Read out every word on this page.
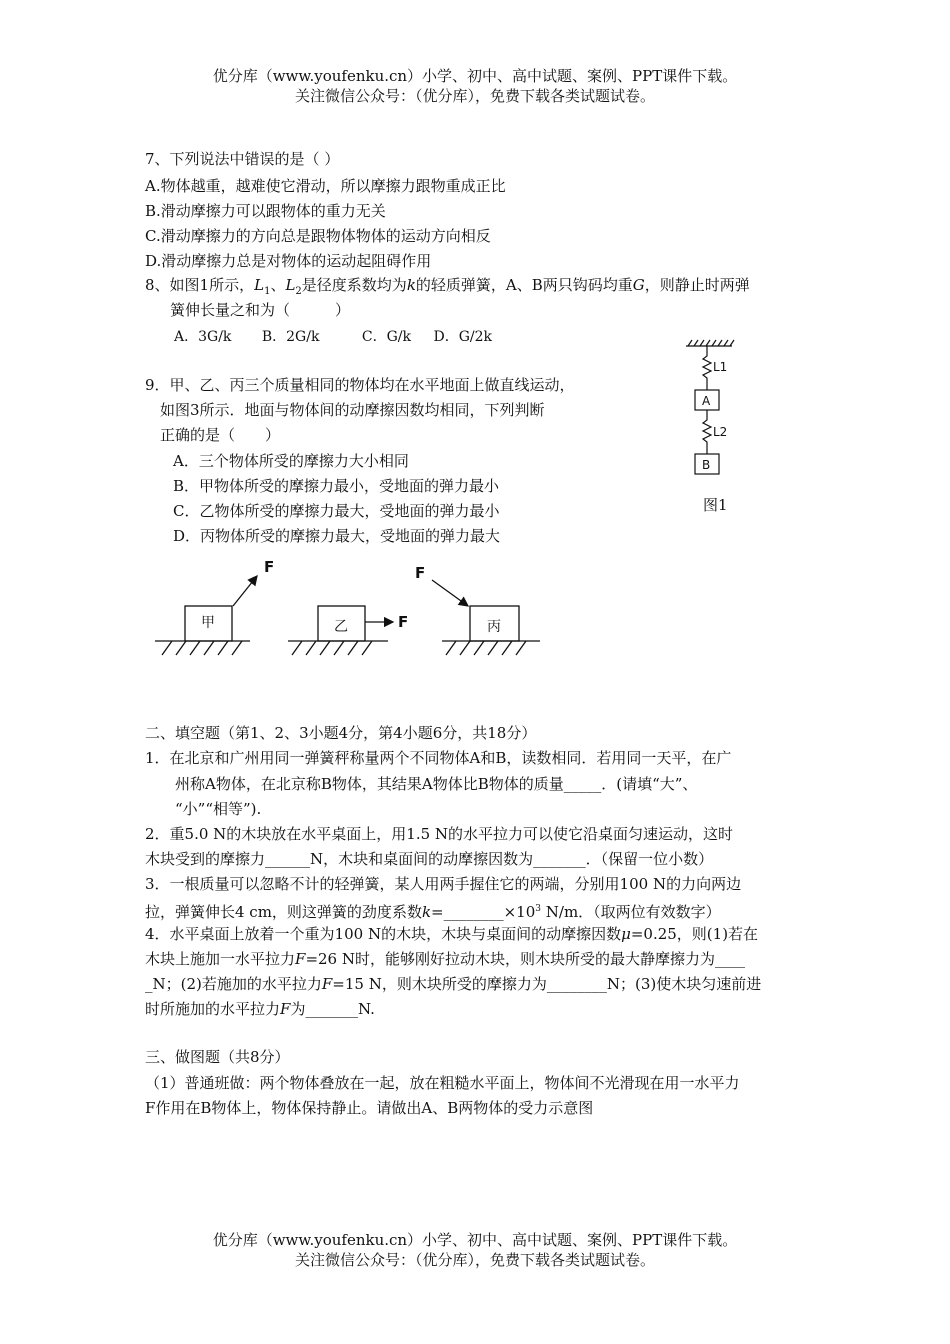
优分库（www.youfenku.cn）小学、初中、高中试题、案例、PPT课件下载。
关注微信公众号：（优分库），免费下载各类试题试卷。
7、下列说法中错误的是（ ）
A.物体越重，越难使它滑动，所以摩擦力跟物重成正比
B.滑动摩擦力可以跟物体的重力无关
C.滑动摩擦力的方向总是跟物体物体的运动方向相反
D.滑动摩擦力总是对物体的运动起阻碍作用
8、如图1所示，$L_1$、$L_2$是径度系数均为k的轻质弹簧，A、B两只钩码均重G，则静止时两弹
簧伸长量之和为（　　　）
A．3G/k B．2G/k	C．G/k D．G/2k
L1
A
L2
B
图1
9．甲、乙、丙三个质量相同的物体均在水平地面上做直线运动，
如图3所示．地面与物体间的动摩擦因数均相同，下列判断
正确的是（　　）
A．三个物体所受的摩擦力大小相同
B．甲物体所受的摩擦力最小，受地面的弹力最小
C．乙物体所受的摩擦力最大，受地面的弹力最小
D．丙物体所受的摩擦力最大，受地面的弹力最大
甲	乙	丙
F
F
F
二、填空题（第1、2、3小题4分，第4小题6分，共18分）
1．在北京和广州用同一弹簧秤称量两个不同物体A和B，读数相同．若用同一天平，在广
州称A物体，在北京称B物体，其结果A物体比B物体的质量_____．(请填“大”、
“小”“相等”).
2．重5.0 N的木块放在水平桌面上，用1.5 N的水平拉力可以使它沿桌面匀速运动，这时
木块受到的摩擦力______N，木块和桌面间的动摩擦因数为_______．（保留一位小数）
3．一根质量可以忽略不计的轻弹簧，某人用两手握住它的两端，分别用100 N的力向两边
拉，弹簧伸长4 cm，则这弹簧的劲度系数$k=\_\_\_\_\_\_\_\_\times 10^3$ N/m．（取两位有效数字）
4．水平桌面上放着一个重为100 N的木块，木块与桌面间的动摩擦因数μ=0.25，则(1)若在
木块上施加一水平拉力F=26 N时，能够刚好拉动木块，则木块所受的最大静摩擦力为____
_N；(2)若施加的水平拉力F=15 N，则木块所受的摩擦力为________N；(3)使木块匀速前进
时所施加的水平拉力F为_______N.
三、做图题（共8分）
（1）普通班做：两个物体叠放在一起，放在粗糙水平面上，物体间不光滑现在用一水平力
F作用在B物体上，物体保持静止。请做出A、B两物体的受力示意图
优分库（www.youfenku.cn）小学、初中、高中试题、案例、PPT课件下载。
关注微信公众号：（优分库），免费下载各类试题试卷。
